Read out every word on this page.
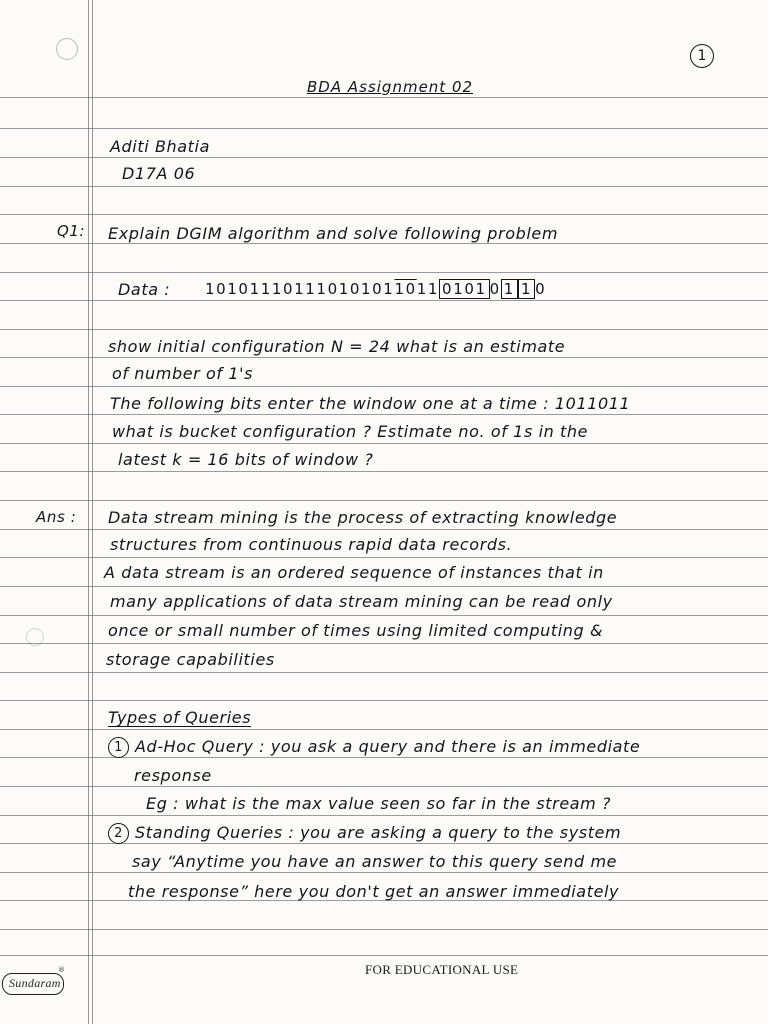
1
BDA Assignment 02
Aditi Bhatia
D17A 06
Q1: Explain DGIM algorithm and solve following problem
Data : 101011101110101011011 0101 0 1 1 0
show initial configuration N = 24 what is an estimate
of number of 1's
The following bits enter the window one at a time : 1011011
what is bucket configuration ? Estimate no. of 1s in the
latest k = 16 bits of window ?
Ans : Data stream mining is the process of extracting knowledge
structures from continuous rapid data records.
A data stream is an ordered sequence of instances that in
many applications of data stream mining can be read only
once or small number of times using limited computing &
storage capabilities
Types of Queries
1 Ad-Hoc Query : you ask a query and there is an immediate
response
Eg : what is the max value seen so far in the stream ?
2 Standing Queries : you are asking a query to the system
say “Anytime you have an answer to this query send me
the response” here you don't get an answer immediately
FOR EDUCATIONAL USE
Sundaram
®
